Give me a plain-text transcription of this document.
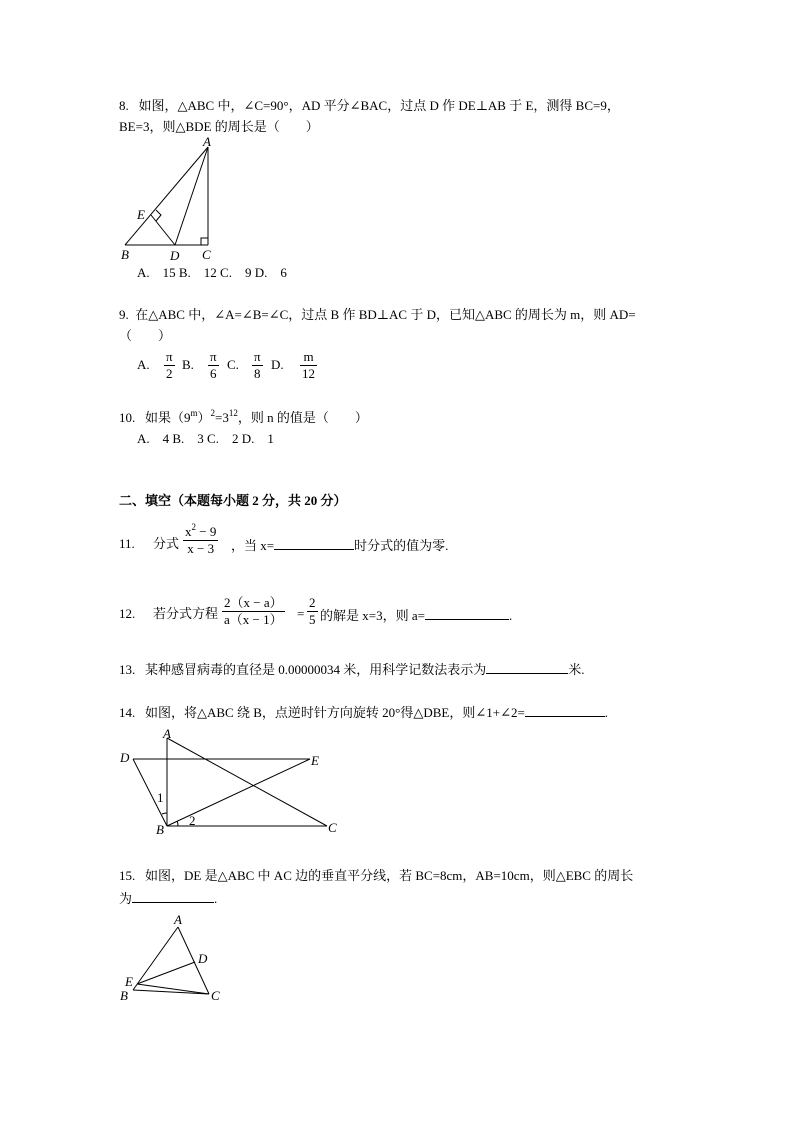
8. 如图，△ABC 中，∠C=90°，AD 平分∠BAC，过点 D 作 DE⊥AB 于 E，测得 BC=9，
BE=3，则△BDE 的周长是（　　）
A
E
B	D C
A.　15 B.　12 C.　9 D.　6
9. 在△ABC 中，∠A=∠B=∠C，过点 B 作 BD⊥AC 于 D，已知△ABC 的周长为 m，则 AD=
（　　）
A. $\frac{\pi}{2} B$. $\frac{\pi}{6} C$. $\frac{\pi}{8} D$. $\frac{m}{12}$
10. 如果$(9^m)^2=3^{12}$，则 n 的值是（　　）
A.　4 B.　3 C.　2 D.　1
二、填空（本题每小题 2 分，共 20 分）
11. 分式 $\frac{x^2 - 9}{x - 3}$ ，当 x=	时分式的值为零.
12. 若分式方程 $\frac{2(x - a)}{a(x - 1)} = \frac{2}{5}$ 的解是 x=3，则 a=	.
13. 某种感冒病毒的直径是 0.00000034 米，用科学记数法表示为	米.
14. 如图，将△ABC 绕 B，点逆时针方向旋转 20°得△DBE，则∠1+∠2=	.
A
D	E
1
2
B	C
15. 如图，DE 是△ABC 中 AC 边的垂直平分线，若 BC=8cm，AB=10cm，则△EBC 的周长
为	.
A
D
E
B	C
